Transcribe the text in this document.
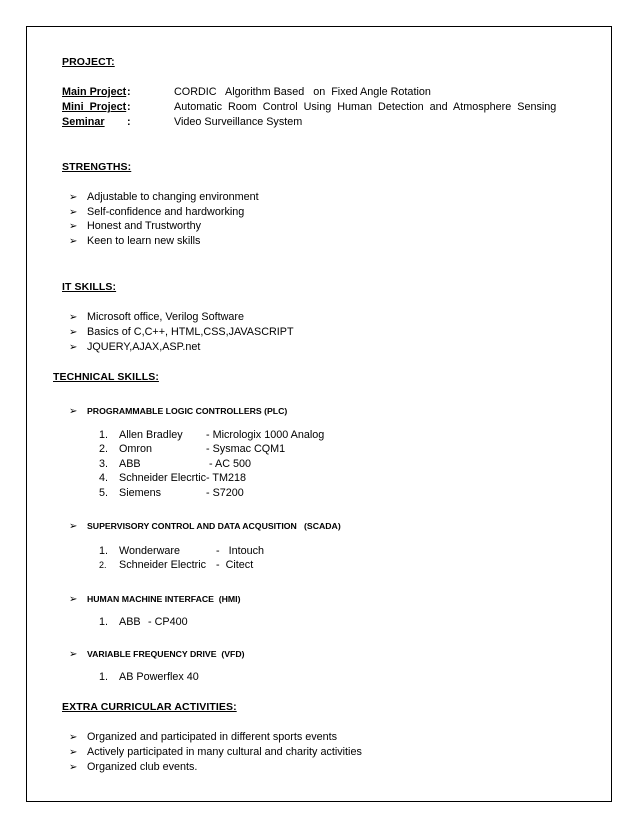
PROJECT:
Main Project :	CORDIC   Algorithm Based   on  Fixed Angle Rotation
Mini  Project :	Automatic  Room  Control  Using  Human  Detection  and  Atmosphere  Sensing
Seminar :	Video Surveillance System
STRENGTHS:
➢ Adjustable to changing environment
➢ Self-confidence and hardworking
➢ Honest and Trustworthy
➢ Keen to learn new skills
IT SKILLS:
➢ Microsoft office, Verilog Software
➢ Basics of C,C++, HTML,CSS,JAVASCRIPT
➢ JQUERY,AJAX,ASP.net
TECHNICAL SKILLS:
➢ PROGRAMMABLE LOGIC CONTROLLERS (PLC)
1. Allen Bradley - Micrologix 1000 Analog
2. Omron	- Sysmac CQM1
3. ABB	- AC 500
4. Schneider Elecrtic - TM218
5. Siemens	- S7200
➢ SUPERVISORY CONTROL AND DATA ACQUSITION   (SCADA)
1. Wonderware	-   Intouch
2. Schneider Electric -  Citect
➢ HUMAN MACHINE INTERFACE  (HMI)
1. ABB - CP400
➢ VARIABLE FREQUENCY DRIVE  (VFD)
1. AB Powerflex 40
EXTRA CURRICULAR ACTIVITIES:
➢ Organized and participated in different sports events
➢ Actively participated in many cultural and charity activities
➢ Organized club events.
